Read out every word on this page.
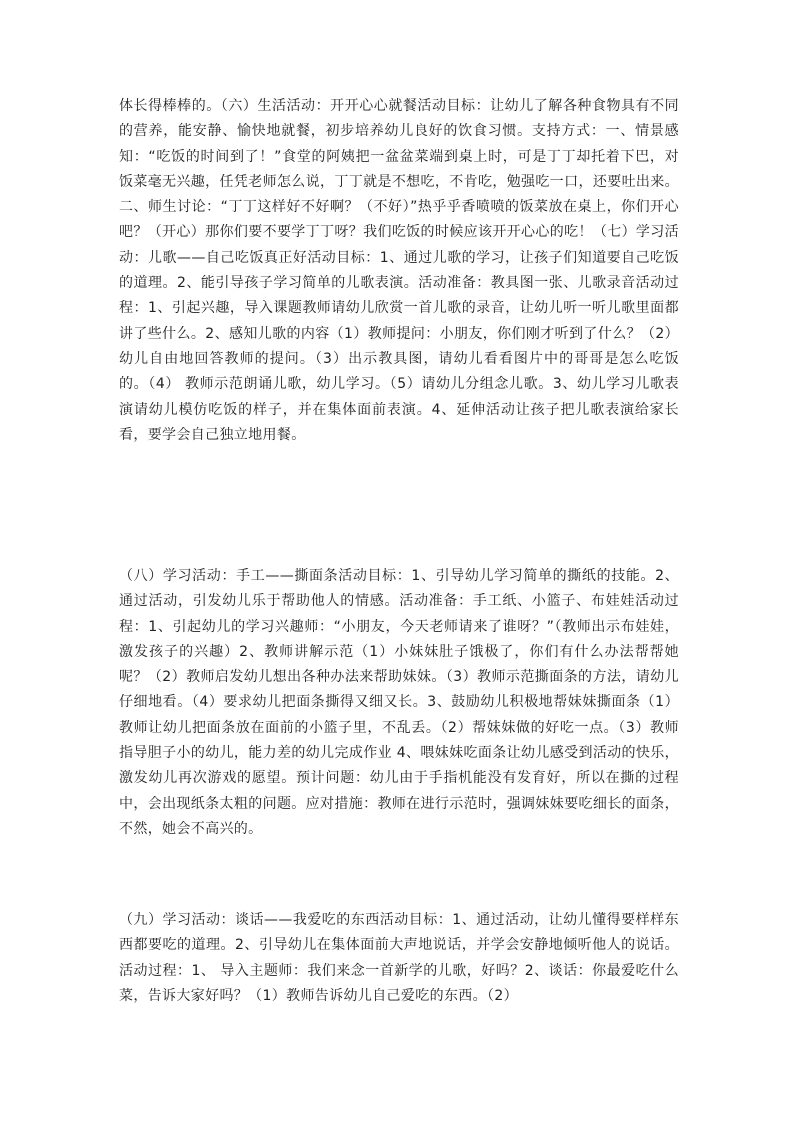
体长得棒棒的。（六）生活活动：开开心心就餐活动目标：让幼儿了解各种食物具有不同的营养，能安静、愉快地就餐，初步培养幼儿良好的饮食习惯。支持方式：一、情景感知：“吃饭的时间到了！”食堂的阿姨把一盆盆菜端到桌上时，可是丁丁却托着下巴，对饭菜毫无兴趣，任凭老师怎么说，丁丁就是不想吃，不肯吃，勉强吃一口，还要吐出来。二、师生讨论：“丁丁这样好不好啊？（不好）”热乎乎香喷喷的饭菜放在桌上，你们开心吧？（开心）那你们要不要学丁丁呀？我们吃饭的时候应该开开心心的吃！（七）学习活动：儿歌——自己吃饭真正好活动目标：1、通过儿歌的学习，让孩子们知道要自己吃饭的道理。2、能引导孩子学习简单的儿歌表演。活动准备：教具图一张、儿歌录音活动过程：1、引起兴趣，导入课题教师请幼儿欣赏一首儿歌的录音，让幼儿听一听儿歌里面都讲了些什么。2、感知儿歌的内容（1）教师提问：小朋友，你们刚才听到了什么？（2）幼儿自由地回答教师的提问。（3）出示教具图，请幼儿看看图片中的哥哥是怎么吃饭的。（4） 教师示范朗诵儿歌，幼儿学习。（5）请幼儿分组念儿歌。3、幼儿学习儿歌表演请幼儿模仿吃饭的样子，并在集体面前表演。4、延伸活动让孩子把儿歌表演给家长看，要学会自己独立地用餐。

（八）学习活动：手工——撕面条活动目标：1、引导幼儿学习简单的撕纸的技能。2、通过活动，引发幼儿乐于帮助他人的情感。活动准备：手工纸、小篮子、布娃娃活动过程：1、引起幼儿的学习兴趣师：“小朋友，今天老师请来了谁呀？”（教师出示布娃娃，激发孩子的兴趣）2、教师讲解示范（1）小妹妹肚子饿极了，你们有什么办法帮帮她呢？（2）教师启发幼儿想出各种办法来帮助妹妹。（3）教师示范撕面条的方法，请幼儿仔细地看。（4）要求幼儿把面条撕得又细又长。3、鼓励幼儿积极地帮妹妹撕面条（1）教师让幼儿把面条放在面前的小篮子里，不乱丢。（2）帮妹妹做的好吃一点。（3）教师指导胆子小的幼儿，能力差的幼儿完成作业 4、喂妹妹吃面条让幼儿感受到活动的快乐，激发幼儿再次游戏的愿望。预计问题：幼儿由于手指机能没有发育好，所以在撕的过程中，会出现纸条太粗的问题。应对措施：教师在进行示范时，强调妹妹要吃细长的面条，不然，她会不高兴的。

（九）学习活动：谈话——我爱吃的东西活动目标：1、通过活动，让幼儿懂得要样样东西都要吃的道理。2、引导幼儿在集体面前大声地说话，并学会安静地倾听他人的说话。活动过程：1、 导入主题师：我们来念一首新学的儿歌，好吗？2、谈话：你最爱吃什么菜，告诉大家好吗？（1）教师告诉幼儿自己爱吃的东西。（2）
